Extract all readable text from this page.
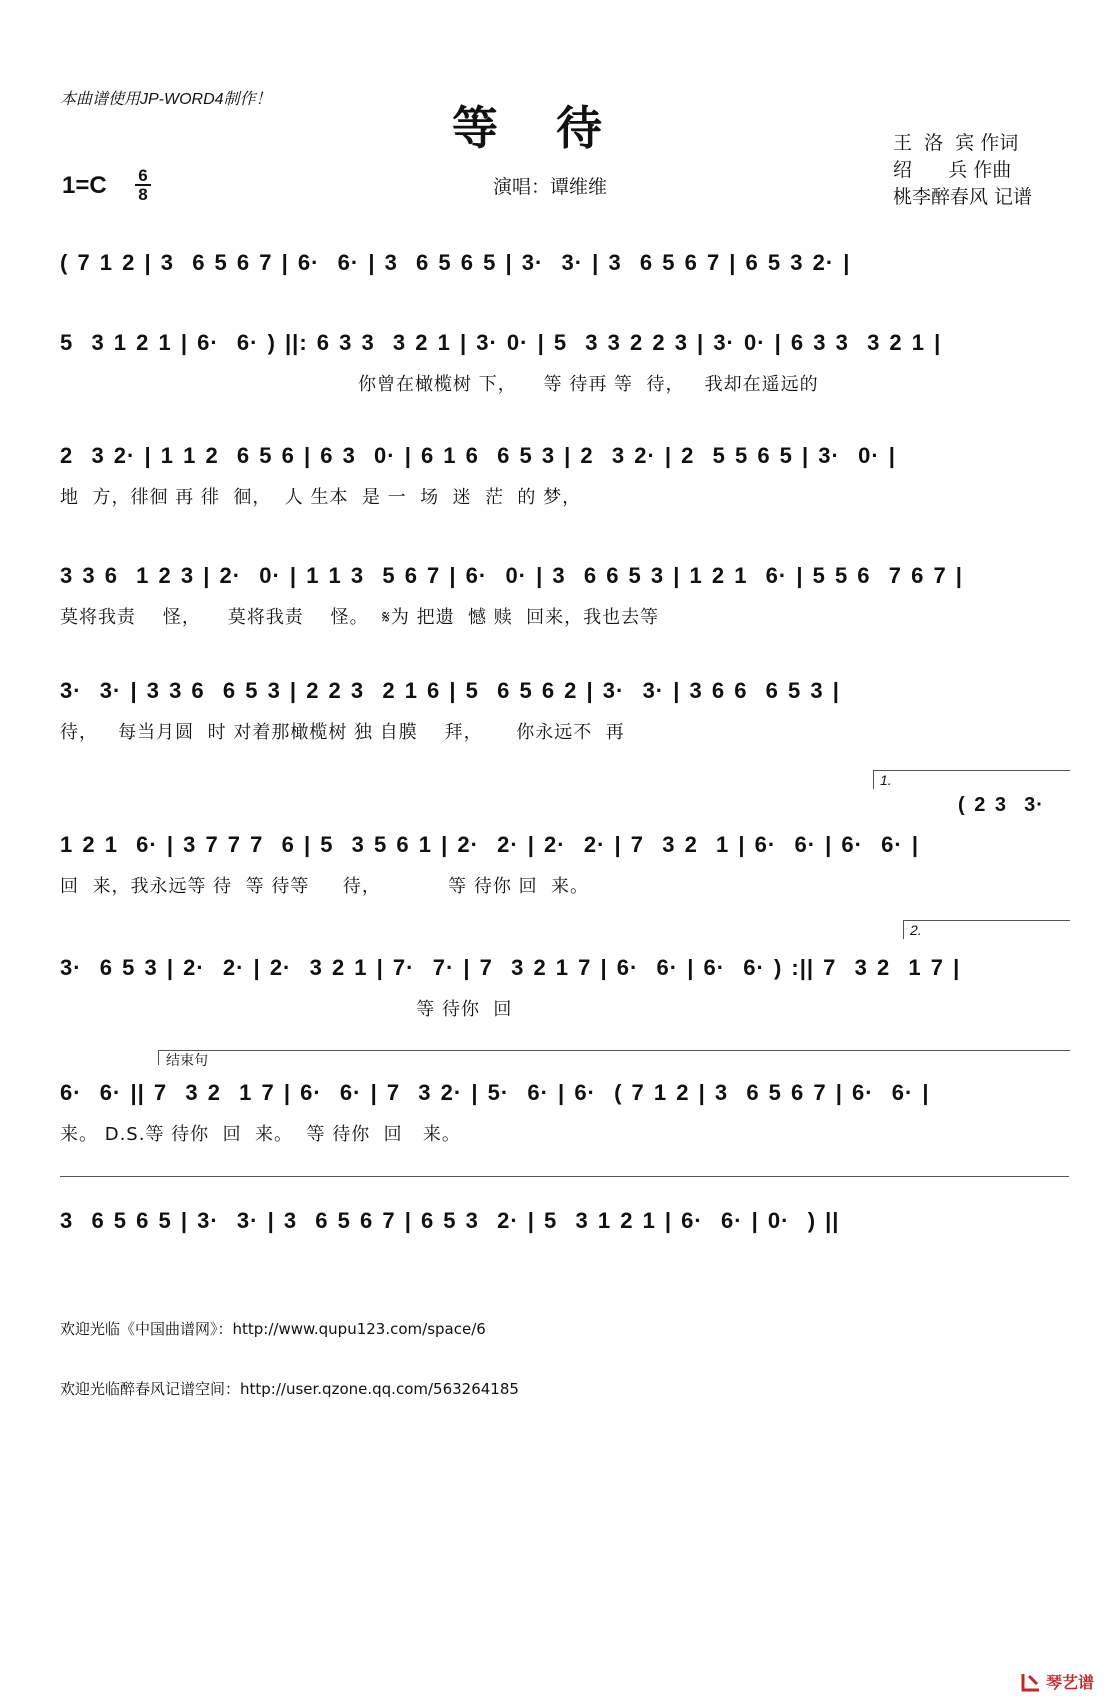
本曲谱使用JP-WORD4制作！
等待	王  洛  宾 作词
绍      兵 作曲
桃李醉春风 记谱
1=C	6
8	演唱：谭维维
( 7 1 2 | 3  6 5 6 7 | 6·  6· | 3  6 5 6 5 | 3·  3· | 3  6 5 6 7 | 6 5 3 2· |
5  3 1 2 1 | 6·  6· ) ||: 6 3 3  3 2 1 | 3· 0· | 5  3 3 2 2 3 | 3· 0· | 6 3 3  3 2 1 |
你曾在橄榄树 下，    等 待再 等  待，   我却在遥远的
2  3 2· | 1 1 2  6 5 6 | 6 3  0· | 6 1 6  6 5 3 | 2  3 2· | 2  5 5 6 5 | 3·  0· |
地  方，徘徊 再 徘  徊，  人 生本  是 一  场  迷  茫  的 梦，
3 3 6  1 2 3 | 2·  0· | 1 1 3  5 6 7 | 6·  0· | 3  6 6 5 3 | 1 2 1  6· | 5 5 6  7 6 7 |
莫将我责    怪，    莫将我责    怪。  𝄋为 把遗  憾 赎  回来，我也去等
3·  3· | 3 3 6  6 5 3 | 2 2 3  2 1 6 | 5  6 5 6 2 | 3·  3· | 3 6 6  6 5 3 |
待，   每当月圆  时 对着那橄榄树 独 自膜    拜，     你永远不  再
1.
( 2 3  3·
1 2 1  6· | 3 7 7 7  6 | 5  3 5 6 1 | 2·  2· | 2·  2· | 7  3 2  1 | 6·  6· | 6·  6· |
回  来，我永远等 待  等 待等     待，          等 待你 回  来。
2.
3·  6 5 3 | 2·  2· | 2·  3 2 1 | 7·  7· | 7  3 2 1 7 | 6·  6· | 6·  6· ) :|| 7  3 2  1 7 |
等 待你  回
结束句
6·  6· || 7  3 2  1 7 | 6·  6· | 7  3 2· | 5·  6· | 6·  ( 7 1 2 | 3  6 5 6 7 | 6·  6· |
来。 D.S.等 待你  回  来。  等 待你  回   来。
3  6 5 6 5 | 3·  3· | 3  6 5 6 7 | 6 5 3  2· | 5  3 1 2 1 | 6·  6· | 0·  ) ||
欢迎光临《中国曲谱网》：http://www.qupu123.com/space/6
欢迎光临醉春风记谱空间：http://user.qzone.qq.com/563264185
琴艺谱
